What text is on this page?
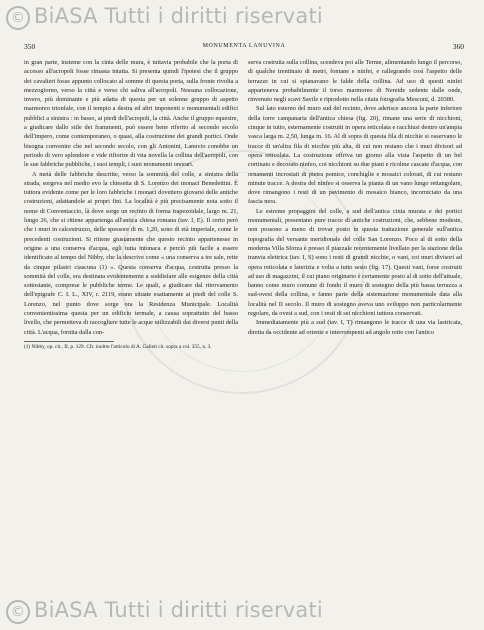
© BiASA Tutti i diritti riservati
350	MONUMENTA LANUVINA	360

in gran parte, insieme con la cinta delle mura, è tuttavia probabile che la porta di accesso all'acropoli fosse rimasta intatta. Si presenta quindi l'ipotesi che il gruppo dei cavalieri fosse appunto collocato al somme di questa porta, sulla fronte rivolta a mezzogiorno, verso la città e verso chi saliva all'acropoli. Nessuna collocazione, invero, più dominante e più adatta di questa per un solenne gruppo di aspetto marmoreo trionfale, con il tempio a destra ed altri imponenti e monumentali edifici pubblici a sinistra : in basso, ai piedi dell'acropoli, la città. Anche il gruppo equestre, a giudicare dallo stile dei frammenti, può essere bene riferito al secondo secolo dell'impero, come contemporaneo, o quasi, alla costruzione dei grandi portici. Onde bisogna convenire che nel secondo secolo, con gli Antonini, Lanuvio conobbe un periodo di vero splendore e vide rifiorire di vita novella la collina dell'acropoli, con le sue fabbriche pubbliche, i suoi templi, i suoi monumenti onorari.

A metà delle fabbriche descritte, verso la sommità del colle, a sinistra della strada, sorgeva nel medio evo la chiesetta di S. Lorenzo dei monaci Benedettini. È tuttora evidente come per le loro fabbriche i monaci dovettero giovarsi delle antiche costruzioni, adattandole ai propri fini. La località è più precisamente nota sotto il nome di Conventaccio, là dove sorge un recinto di forma trapezoidale, largo m. 21, lungo 26, che si ritiene appartenga all'antica chiesa romana (tav. I, E). Il certo però che i muri in calcestruzzo, delle spessore di m. 1,20, sono di età imperiale, come le precedenti costruzioni. Si ritiene giustamente che questo recinto appartenesse in origine a una conserva d'acqua, egli tutta intonaca e perciò più facile a essere identificato al tempo del Nibby, che la descrive come « una conserva a tre sale, rette da cinque pilastri ciascuna (1) ». Questa conserva d'acqua, costruita presso la sommità del colle, era destinata evidentemente a soddisfare alle esigenze della città sottostante, comprese le pubbliche terme. Le quali, a giudicare dal ritrovamento dell'epigrafe C. I. L., XIV, r. 2119, erano situate esattamente ai piedi del colle S. Lorenzo, nel punto dove sorge ora la Residenza Municipale. Località convenientissima questa per un edificio termale, a causa soprattutto del basso livello, che permetteva di raccogliere tutte le acque utilizzabili dai diversi punti della città. L'acqua, fornita dalla con-

(1) Nibby, op. cit., II, p. 129. Cfr. inoltre l'articolo di A. Galieti cit. sopra a col. 355, n. 3.

serva costruita sulla collina, scendeva poi alle Terme, alimentando lungo il percorso, di qualche trentinaio di metri, fontane e ninfei, e rallegrando così l'aspetto delle terrazze in cui si spianavano le falde della collina. Ad uso di questi ninfei apparteneva probabilmente il torso marmoreo di Nereide sedente dalle onde, rinvenuto negli scavi Savile e riprodotto nella citata fotografia Mesconi, d. 20380.

Sul lato esterno del muro sud del recinto, dove aderisce ancora la parte inferiore della torre campanaria dell'antica chiesa (fig. 20), rimane una serie di nicchioni, cinque in tutto, esternamente costruiti in opera reticolata e racchiusi dentro un'ampia vasca larga m. 2,50, lunga m. 16. Al di sopra di questa fila di nicchie si osservano le tracce di un'altra fila di nicchie più alta, di cui non restano che i muri divisori ad opera reticolata. La costruzione offriva un giorno alla vista l'aspetto di un bel cortinato e decorato ninfeo, coi nicchioni su due piani e ricolme cascate d'acqua, con ornamenti incrostati di pietra pomice, conchiglie e mosaici colorati, di cui restano minute tracce. A destra del ninfeo si osserva la pianta di un vano lungo rettangolare, dove rimangono i resti di un pavimento di mosaico bianco, incorniciato da una fascia nera.

Le estreme propaggini del colle, a sud dell'antica cinta murata e dei portici monumentali, presentano pure tracce di antiche costruzioni, che, sebbene modeste, non possono a meno di trovar posto in questa trattazione generale sull'antica topografia del versante meridionale del colle San Lorenzo. Poco al di sotto della moderna Villa Sforza è presso il piazzale recentemente livellato per la stazione della tranvia elettrica (tav. I, S) sono i resti di grandi nicchie, o vani, coi muri divisori ad opera reticolata e laterizia e volta a tutto sesto (fig. 17). Questi vani, forse costruiti ad uso di magazzini, il cui piano originario è certamente posto al di sotto dell'attuale, hanno come muro comune di fondo il muro di sostegno della più bassa terrazza a sud-ovest della collina, e fanno parte della sistemazione monumentale data alla località nel II secolo. Il muro di sostegno aveva uno sviluppo non particolarmente regolare, da ovest a sud, con i resti di sei nicchioni tuttora conservati.

Immediatamente più a sud (tav. I, T) rimangono le tracce di una via lastricata, diretta da occidente ad oriente e interrompenti ad angolo retto con l'antico

© BiASA Tutti i diritti riservati
